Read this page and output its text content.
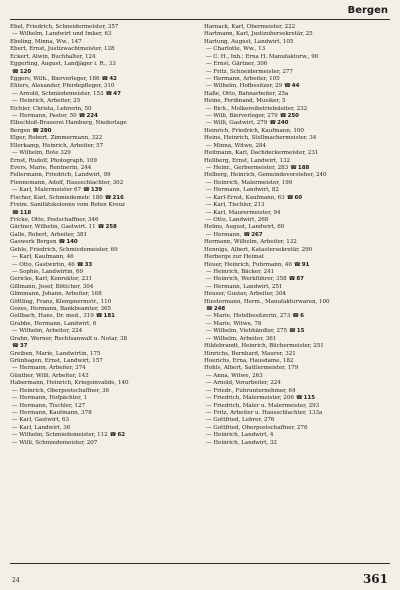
Bergen
Ebel, Friedrich, Schneidermeister, 357
— Wilhelm, Landwirt und Imker, 63
Ebeling, Minna, Ww., 147
Ebert, Ernst, Justizwachtmeister, 128
Eckert, Alwin, Buchhalter, 124
Eggerling, August, Landjäger i. R., 33
☎ 120
Eggers, Wilh., Bierverleger, 186 ☎ 42
Ehlers, Alexander, Pferdepfleger, 310
— Arnold, Schmiedemeister, 153 ☎ 47
— Heinrich, Arbeiter, 25
Eichler, Christa, Lehrerin, 50
— Hermann, Pastor, 50 ☎ 224
Elbschloß-Brauerei Hamburg, Niederlage
Bergen ☎ 280
Elger, Robert, Zimmermann, 322
Ellerkamp, Heinrich, Arbeiter, 57
— Wilhelm, Bote 329
Ernst, Rudolf, Photograph, 109
Evers, Marie, Rentnerin, 244
Fellermann, Friedrich, Landwirt, 99
Fiennemann, Adolf, Hausschlachter, 302
— Karl, Malermeister 67 ☎ 139
Fischer, Karl, Schmiedemstr. 180 ☎ 216
Freim. Sanitätskolonne vom Roten Kreuz
☎ 118
Fricke, Otto, Postschaffner, 346
Gärtner, Wilhelm, Gastwirt. 11 ☎ 258
Galle, Robert, Arbeiter, 381
Gaswerk Bergen ☎ 140
Gehle, Friedrich, Schmiedemeister, 69
— Karl, Kaufmann, 46
— Otto, Gastwirtin, 46 ☎ 33
— Sophie, Landwirtin, 69
Gericke, Karl, Konrektor, 231
Gillmann, Josef, Böttcher, 304
Glimmann, Johann, Arbeiter, 168
Göttling, Franz, Klempnermstr., 110
Gozes, Hermann, Bankbeamter, 365
Gollbach, Hans, Dr. med., 319 ☎ 181
Grabbe, Hermann, Landwirt, 6
— Wilhelm, Arbeiter, 224
Grahn, Werner, Rechtsanwalt u. Notar, 38
☎ 37
Greiben, Marie, Landwirtin, 175
Grünhagen, Ernst, Landwirt, 157
— Hermann, Arbeiter, 374
Günther, Willi, Arbeiter, 143
Habermann, Heinrich, Kriegsinvalide, 140
— Heinrich, Oberpostschaffner, 36
— Hermann, Hofpächter, 1
— Hermann, Tischler, 127
— Hermann, Kaufmann, 378
— Karl, Gastwirt, 63
— Karl, Landwirt, 36
— Wilhelm, Schmiedemeister, 112 ☎ 62
— Willi, Schmiedemeister, 207
Harnack, Karl, Obermeister, 222
Hartmann, Karl, Justizobersekretär, 25
Hartung, August, Landwirt, 105
— Charlotte, Ww., 13
— C. H., Inh.: Erna H. Manufakturw., 90
— Ernst, Gärtner, 306
— Fritz, Schneidermeister, 277
— Hermann, Arbeiter, 105
— Wilhelm, Hofbesitzer, 29 ☎ 44
Haße, Otto, Bahnarbeiter, 25a
Heine, Ferdinand, Musiker, 5
— Rich., Molkereibetriebsleiter, 232
— Willi, Bierverleger, 279 ☎ 250
— Willi, Gastwirt, 279 ☎ 240
Heinrich, Friedrich, Kaufmann, 100
Heins, Heinrich, Stellmachermeister, 34
— Minna, Witwe, 284
Heitmann, Karl, Dachdeckermeister, 231
Hellberg, Ernst, Landwirt, 132
— Heinr., Gerbermeister, 283 ☎ 188
Helberg, Heinrich, Gemeindevorsteher, 240
— Heinrich, Malermeister, 199
— Hermann, Landwirt, 82
— Karl-Ernst, Kaufmann, 63 ☎ 60
— Karl, Tischler, 213
— Karl, Maurermeister, 94
— Otto, Landwirt, 268
Helms, August, Landwirt, 60
— Hermann, ☎ 267
Hermann, Wilhelm, Arbeiter, 132
Hennigs, Albert, Katastersekretär, 290
Herberge zur Heimat
Heuer, Heinrich, Fuhrmann, 40 ☎ 91
— Heinrich, Bäcker, 241
— Heinrich, Werkführer, 358 ☎ 87
— Hermann, Landwirt, 251
Heuser, Gustav, Arbeiter, 304
Hiestermann, Herm., Manufakturwaren, 100
☎ 248
— Marie, Hotelbesitzerin, 273 ☎ 6
— Marie, Witwe, 78
— Wilhelm, Viehhändler, 275 ☎ 15
— Wilhelm, Arbeiter, 361
Hildebrandt, Heinrich, Büchermeister, 251
Hinrichs, Bernhard, Maurer, 321
Hoerichs, Erna, Hausdame, 182
Hohls, Albert, Sattlermeister, 179
— Anna, Witwe, 263
— Arnold, Vorarbeiter, 224
— Friedr., Fuhrunternehmer, 64
— Friedrich, Malermeister, 206 ☎ 115
— Friedrich, Maler u. Malermeister, 293
— Fritz, Arbeiter u. Hausschlachter, 133a
— Gottfried, Lehrer, 276
— Gottfried, Oberpostschaffner, 276
— Heinrich, Landwirt, 4
— Heinrich, Landwirt, 32
24	361
